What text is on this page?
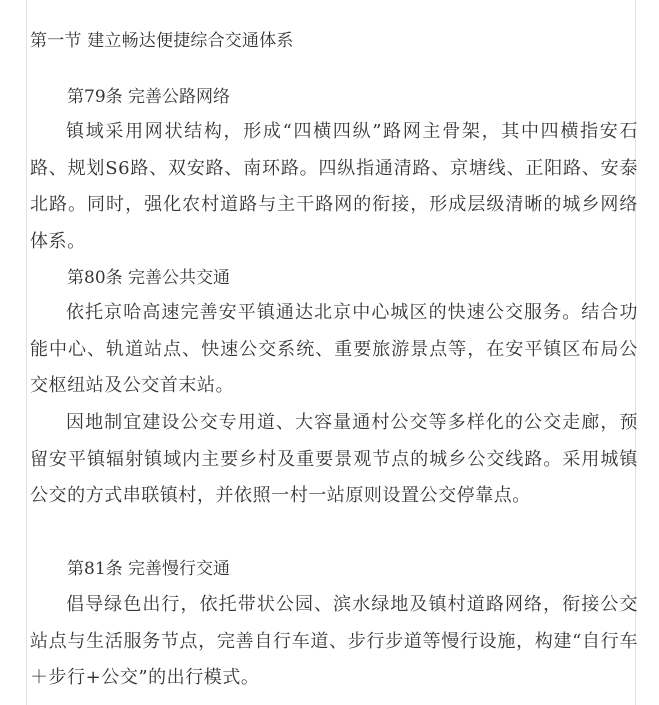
第一节 建立畅达便捷综合交通体系
第79条 完善公路网络
镇域采用网状结构，形成“四横四纵”路网主骨架，其中四横指安石路、规划S6路、双安路、南环路。四纵指通清路、京塘线、正阳路、安泰北路。同时，强化农村道路与主干路网的衔接，形成层级清晰的城乡网络体系。
第80条 完善公共交通
依托京哈高速完善安平镇通达北京中心城区的快速公交服务。结合功能中心、轨道站点、快速公交系统、重要旅游景点等，在安平镇区布局公交枢纽站及公交首末站。
因地制宜建设公交专用道、大容量通村公交等多样化的公交走廊，预留安平镇辐射镇域内主要乡村及重要景观节点的城乡公交线路。采用城镇公交的方式串联镇村，并依照一村一站原则设置公交停靠点。
第81条 完善慢行交通
倡导绿色出行，依托带状公园、滨水绿地及镇村道路网络，衔接公交站点与生活服务节点，完善自行车道、步行步道等慢行设施，构建“自行车＋步行+公交”的出行模式。
